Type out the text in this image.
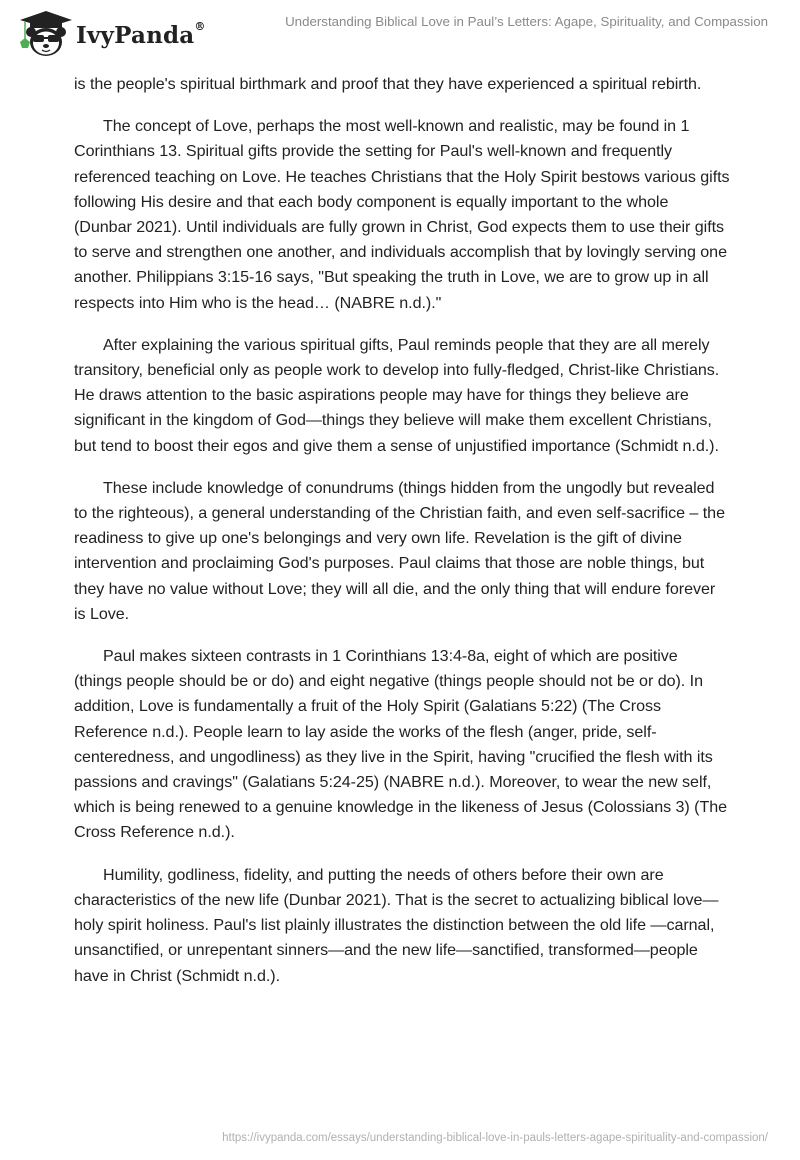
IvyPanda®	Understanding Biblical Love in Paul’s Letters: Agape, Spirituality, and Compassion

is the people's spiritual birthmark and proof that they have experienced a spiritual rebirth.

The concept of Love, perhaps the most well-known and realistic, may be found in 1 Corinthians 13. Spiritual gifts provide the setting for Paul's well-known and frequently referenced teaching on Love. He teaches Christians that the Holy Spirit bestows various gifts following His desire and that each body component is equally important to the whole (Dunbar 2021). Until individuals are fully grown in Christ, God expects them to use their gifts to serve and strengthen one another, and individuals accomplish that by lovingly serving one another. Philippians 3:15-16 says, "But speaking the truth in Love, we are to grow up in all respects into Him who is the head… (NABRE n.d.)."

After explaining the various spiritual gifts, Paul reminds people that they are all merely transitory, beneficial only as people work to develop into fully-fledged, Christ-like Christians. He draws attention to the basic aspirations people may have for things they believe are significant in the kingdom of God—things they believe will make them excellent Christians, but tend to boost their egos and give them a sense of unjustified importance (Schmidt n.d.).

These include knowledge of conundrums (things hidden from the ungodly but revealed to the righteous), a general understanding of the Christian faith, and even self-sacrifice – the readiness to give up one's belongings and very own life. Revelation is the gift of divine intervention and proclaiming God's purposes. Paul claims that those are noble things, but they have no value without Love; they will all die, and the only thing that will endure forever is Love.

Paul makes sixteen contrasts in 1 Corinthians 13:4-8a, eight of which are positive (things people should be or do) and eight negative (things people should not be or do). In addition, Love is fundamentally a fruit of the Holy Spirit (Galatians 5:22) (The Cross Reference n.d.). People learn to lay aside the works of the flesh (anger, pride, self-centeredness, and ungodliness) as they live in the Spirit, having "crucified the flesh with its passions and cravings" (Galatians 5:24-25) (NABRE n.d.). Moreover, to wear the new self, which is being renewed to a genuine knowledge in the likeness of Jesus (Colossians 3) (The Cross Reference n.d.).

Humility, godliness, fidelity, and putting the needs of others before their own are characteristics of the new life (Dunbar 2021). That is the secret to actualizing biblical love—holy spirit holiness. Paul's list plainly illustrates the distinction between the old life —carnal, unsanctified, or unrepentant sinners—and the new life—sanctified, transformed—people have in Christ (Schmidt n.d.).

https://ivypanda.com/essays/understanding-biblical-love-in-pauls-letters-agape-spirituality-and-compassion/
